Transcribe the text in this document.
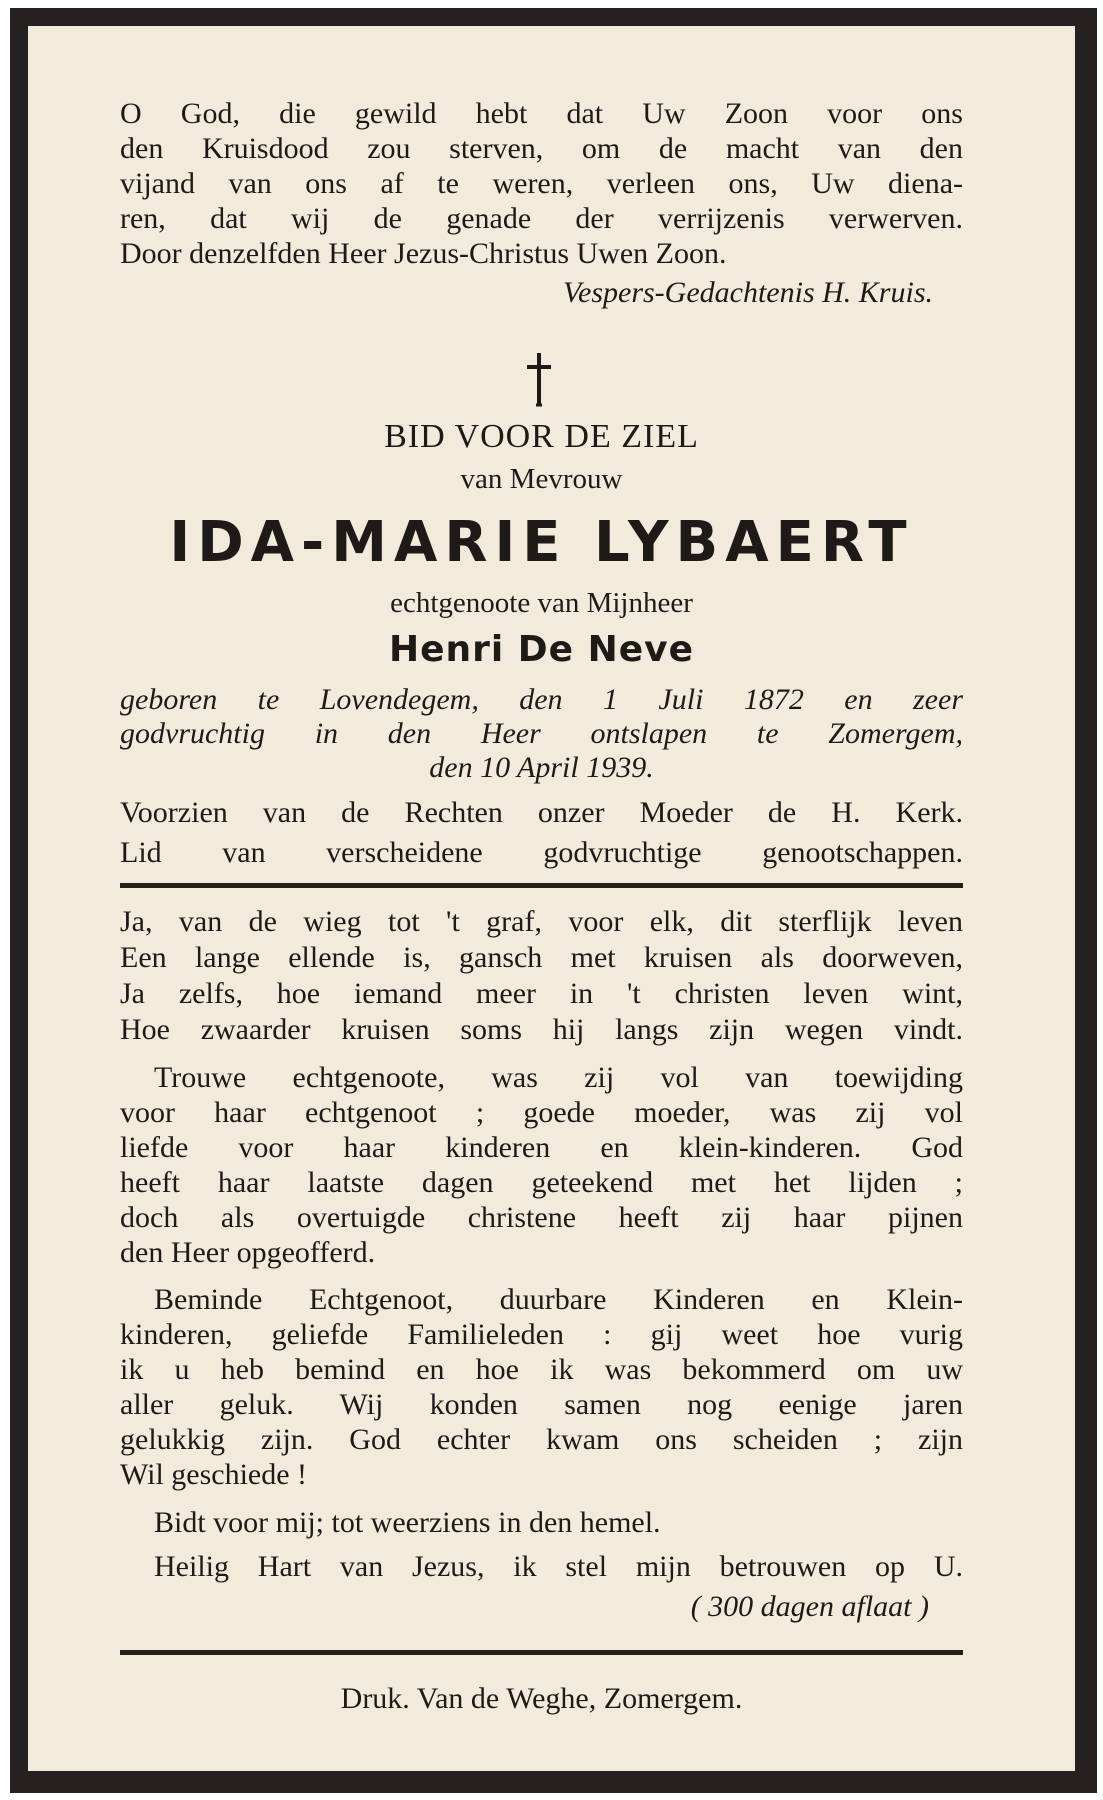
O God, die gewild hebt dat Uw Zoon voor ons

den Kruisdood zou sterven, om de macht van den

vijand van ons af te weren, verleen ons, Uw diena-

ren, dat wij de genade der verrijzenis verwerven.

Door denzelfden Heer Jezus-Christus Uwen Zoon.

Vespers-Gedachtenis H. Kruis.
BID VOOR DE ZIEL
van Mevrouw
IDA-MARIE LYBAERT
echtgenoote van Mijnheer
Henri De Neve

geboren te Lovendegem, den 1 Juli 1872 en zeer

godvruchtig in den Heer ontslapen te Zomergem,

den 10 April 1939.

Voorzien van de Rechten onzer Moeder de H. Kerk.

Lid van verscheidene godvruchtige genootschappen.

Ja, van de wieg tot 't graf, voor elk, dit sterflijk leven

Een lange ellende is, gansch met kruisen als doorweven,

Ja zelfs, hoe iemand meer in 't christen leven wint,

Hoe zwaarder kruisen soms hij langs zijn wegen vindt.

Trouwe echtgenoote, was zij vol van toewijding

voor haar echtgenoot ; goede moeder, was zij vol

liefde voor haar kinderen en klein-kinderen. God

heeft haar laatste dagen geteekend met het lijden ;

doch als overtuigde christene heeft zij haar pijnen

den Heer opgeofferd.

Beminde Echtgenoot, duurbare Kinderen en Klein-

kinderen, geliefde Familieleden : gij weet hoe vurig

ik u heb bemind en hoe ik was bekommerd om uw

aller geluk. Wij konden samen nog eenige jaren

gelukkig zijn. God echter kwam ons scheiden ; zijn

Wil geschiede !

Bidt voor mij; tot weerziens in den hemel.

Heilig Hart van Jezus, ik stel mijn betrouwen op U.

( 300 dagen aflaat )
Druk. Van de Weghe, Zomergem.
